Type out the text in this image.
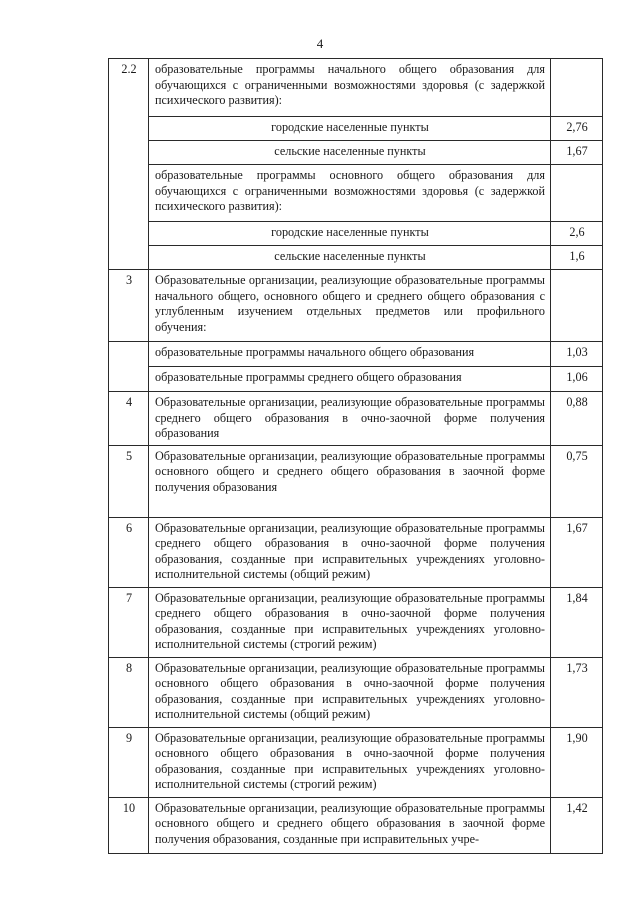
4
2.2	образовательные программы начального общего образования для обучающихся с ограниченными возможностями здоровья (с задержкой психического развития):	
	городские населенные пункты	2,76
	сельские населенные пункты	1,67
	образовательные программы основного общего образования для обучающихся с ограниченными возможностями здоровья (с задержкой психического развития):	
	городские населенные пункты	2,6
	сельские населенные пункты	1,6
3	Образовательные организации, реализующие образовательные программы начального общего, основного общего и среднего общего образования с углубленным изучением отдельных предметов или профильного обучения:	
	образовательные программы начального общего образования	1,03
	образовательные программы среднего общего образования	1,06
4	Образовательные организации, реализующие образовательные программы среднего общего образования в очно-заочной форме получения образования	0,88
5	Образовательные организации, реализующие образовательные программы основного общего и среднего общего образования в заочной форме получения образования	0,75
6	Образовательные организации, реализующие образовательные программы среднего общего образования в очно-заочной форме получения образования, созданные при исправительных учреждениях уголовно-исполнительной системы (общий режим)	1,67
7	Образовательные организации, реализующие образовательные программы среднего общего образования в очно-заочной форме получения образования, созданные при исправительных учреждениях уголовно-исполнительной системы (строгий режим)	1,84
8	Образовательные организации, реализующие образовательные программы основного общего образования в очно-заочной форме получения образования, созданные при исправительных учреждениях уголовно-исполнительной системы (общий режим)	1,73
9	Образовательные организации, реализующие образовательные программы основного общего образования в очно-заочной форме получения образования, созданные при исправительных учреждениях уголовно-исполнительной системы (строгий режим)	1,90
10	Образовательные организации, реализующие образовательные программы основного общего и среднего общего образования в заочной форме получения образования, созданные при исправительных учре-	1,42
